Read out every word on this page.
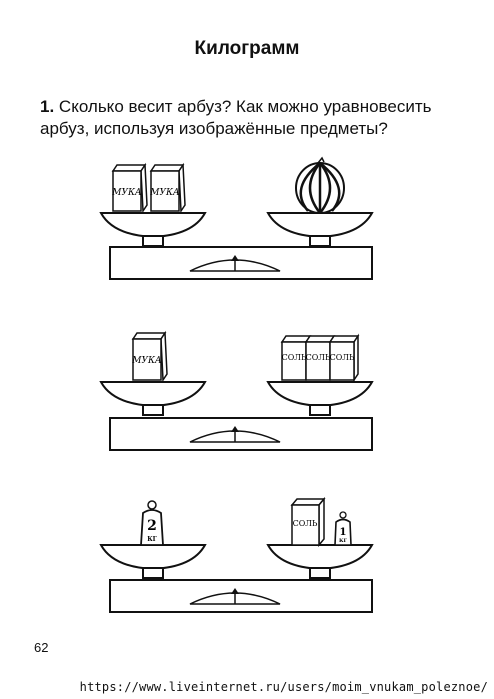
Килограмм
1. Сколько весит арбуз? Как можно уравновесить арбуз, используя изображённые предметы?
МУКА МУКА
МУКА	СОЛЬ СОЛЬ СОЛЬ
2
КГ
СОЛЬ
1
КГ
62
https://www.liveinternet.ru/users/moim_vnukam_poleznoe/
